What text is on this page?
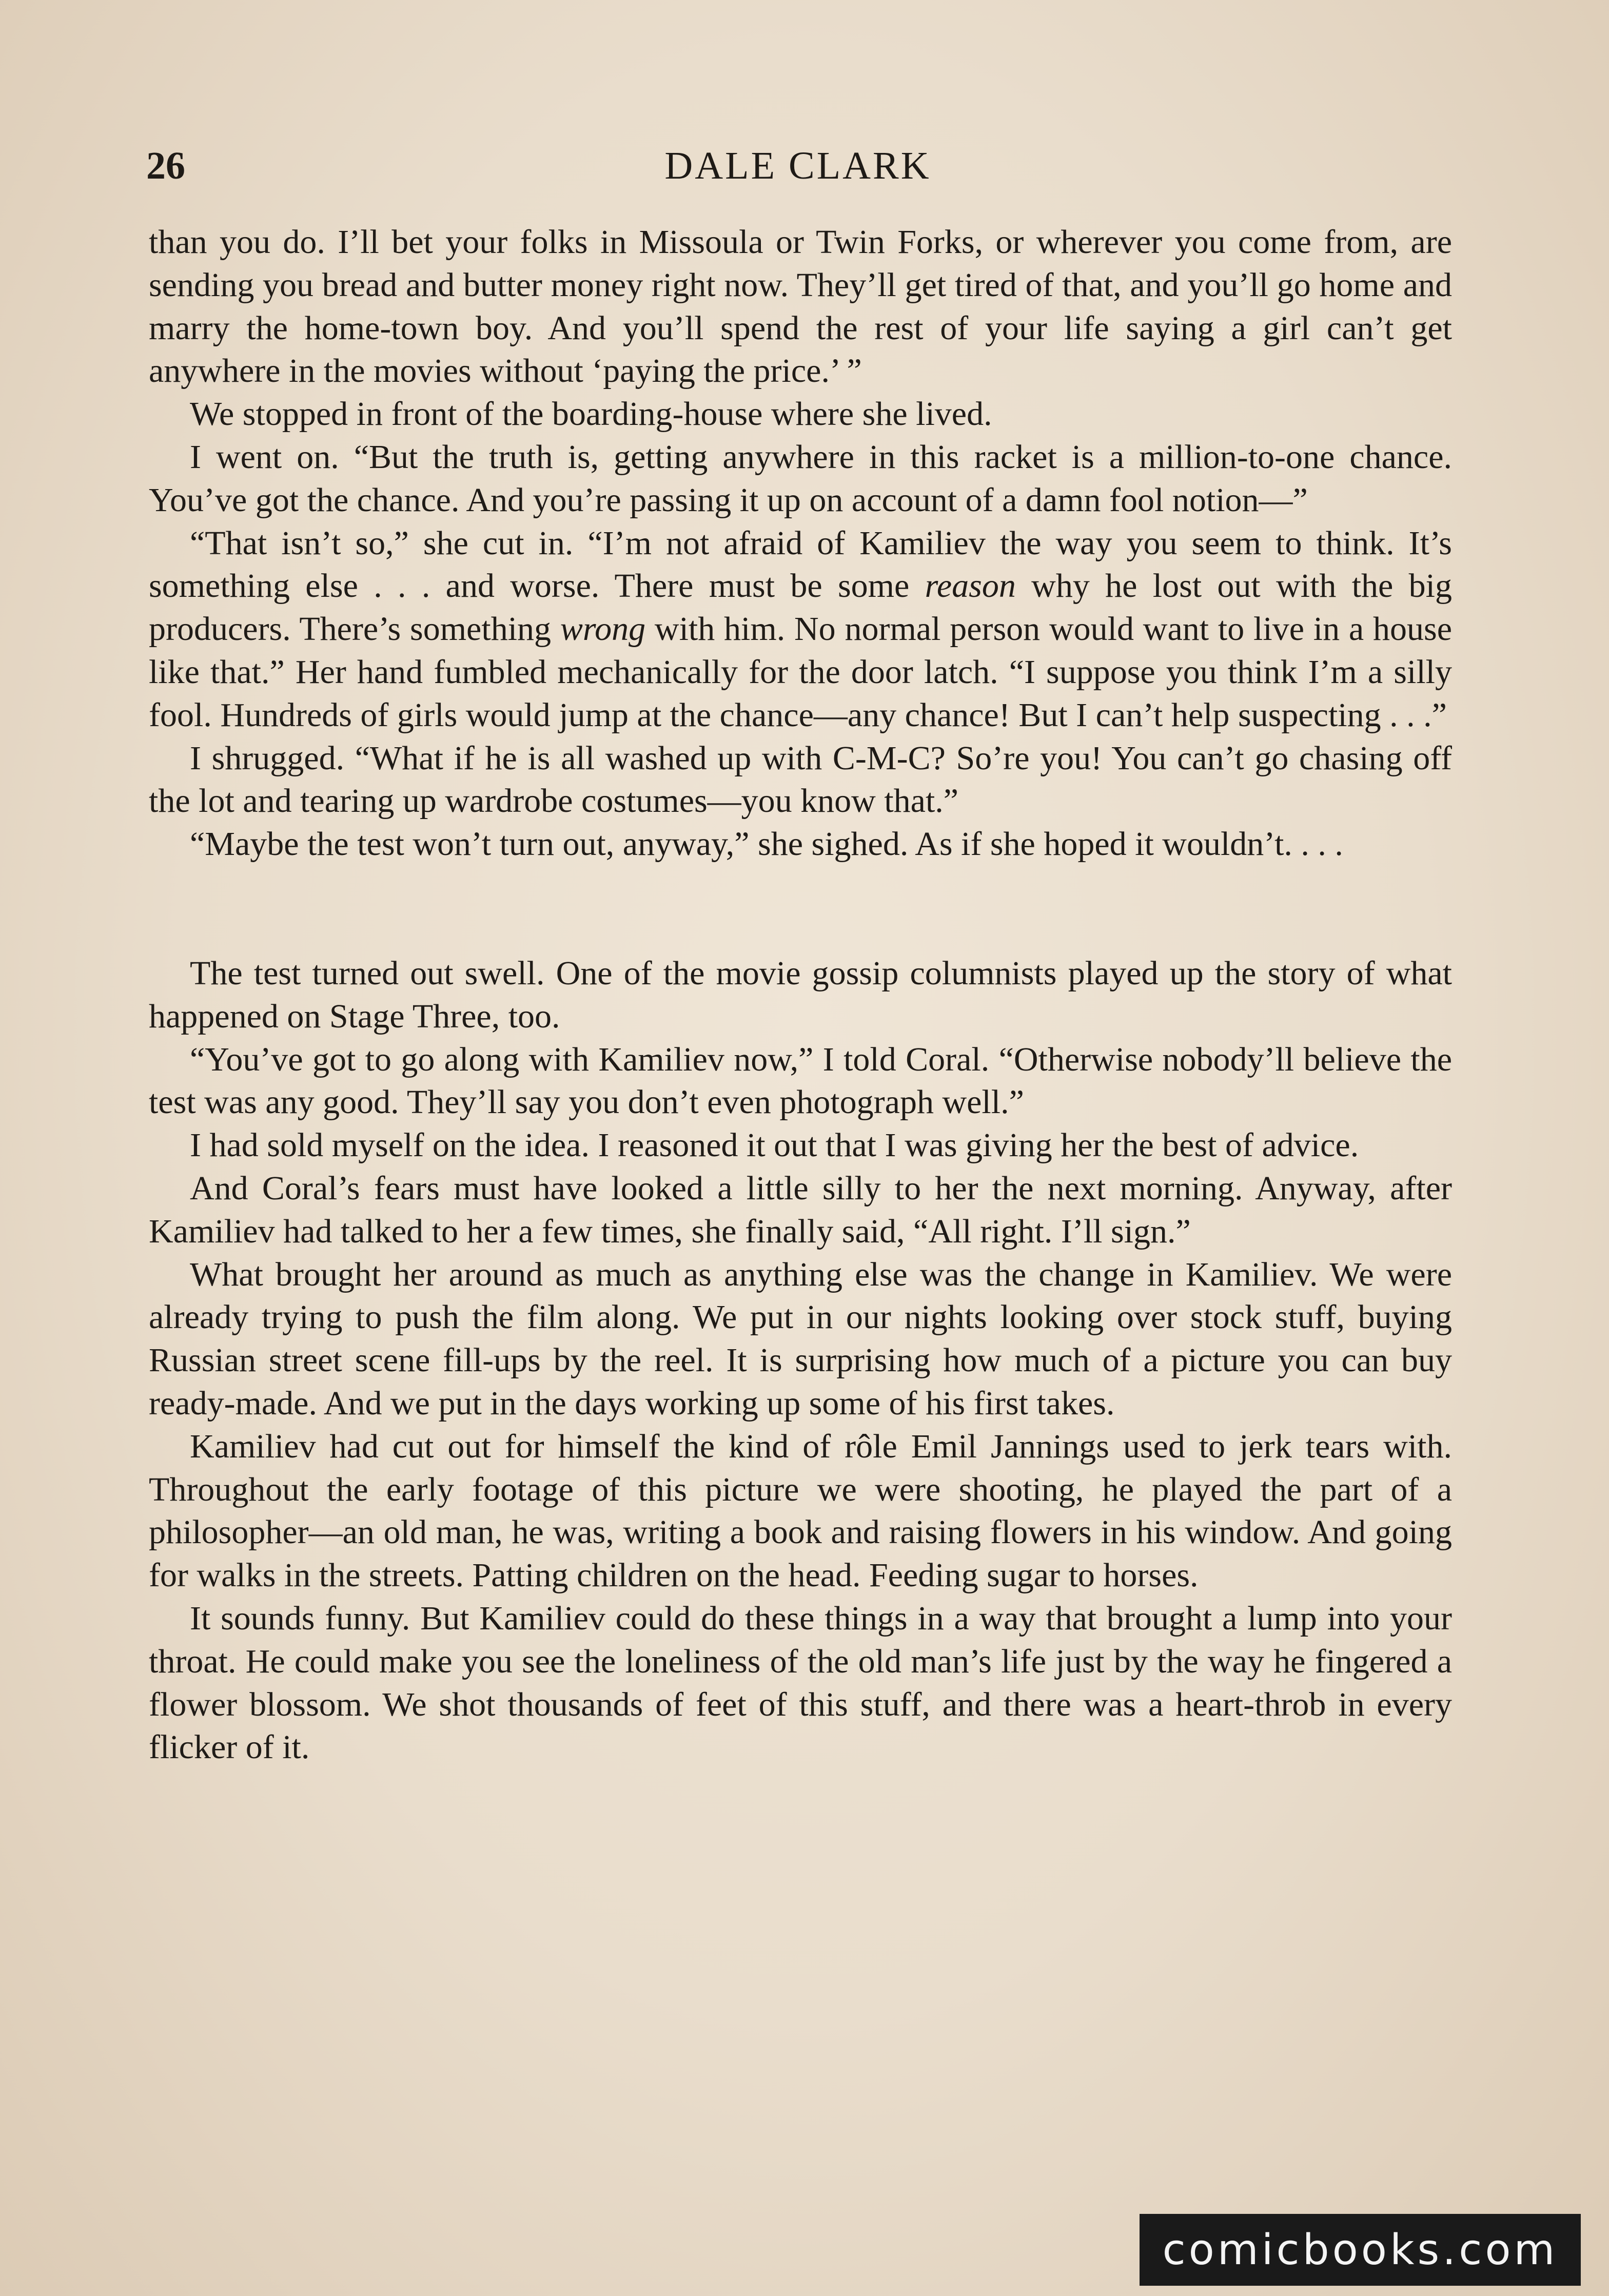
26	DALE CLARK

than you do. I’ll bet your folks in Missoula or Twin Forks, or wherever you come from, are sending you bread and butter money right now. They’ll get tired of that, and you’ll go home and marry the home-town boy. And you’ll spend the rest of your life saying a girl can’t get anywhere in the movies without ‘paying the price.’ ”

We stopped in front of the boarding-house where she lived.

I went on. “But the truth is, getting anywhere in this racket is a million-to-one chance. You’ve got the chance. And you’re passing it up on account of a damn fool notion—”

“That isn’t so,” she cut in. “I’m not afraid of Kamiliev the way you seem to think. It’s something else . . . and worse. There must be some reason why he lost out with the big producers. There’s something wrong with him. No normal person would want to live in a house like that.” Her hand fumbled mechanically for the door latch. “I suppose you think I’m a silly fool. Hundreds of girls would jump at the chance—any chance! But I can’t help suspecting . . .”

I shrugged. “What if he is all washed up with C-M-C? So’re you! You can’t go chasing off the lot and tearing up wardrobe costumes—you know that.”

“Maybe the test won’t turn out, anyway,” she sighed. As if she hoped it wouldn’t. . . .

The test turned out swell. One of the movie gossip columnists played up the story of what happened on Stage Three, too.

“You’ve got to go along with Kamiliev now,” I told Coral. “Otherwise nobody’ll believe the test was any good. They’ll say you don’t even photograph well.”

I had sold myself on the idea. I reasoned it out that I was giving her the best of advice.

And Coral’s fears must have looked a little silly to her the next morning. Anyway, after Kamiliev had talked to her a few times, she finally said, “All right. I’ll sign.”

What brought her around as much as anything else was the change in Kamiliev. We were already trying to push the film along. We put in our nights looking over stock stuff, buying Russian street scene fill-ups by the reel. It is surprising how much of a picture you can buy ready-made. And we put in the days working up some of his first takes.

Kamiliev had cut out for himself the kind of rôle Emil Jannings used to jerk tears with. Throughout the early footage of this picture we were shooting, he played the part of a philosopher—an old man, he was, writing a book and raising flowers in his window. And going for walks in the streets. Patting children on the head. Feeding sugar to horses.

It sounds funny. But Kamiliev could do these things in a way that brought a lump into your throat. He could make you see the loneliness of the old man’s life just by the way he fingered a flower blossom. We shot thousands of feet of this stuff, and there was a heart-throb in every flicker of it.

comicbooks.com
